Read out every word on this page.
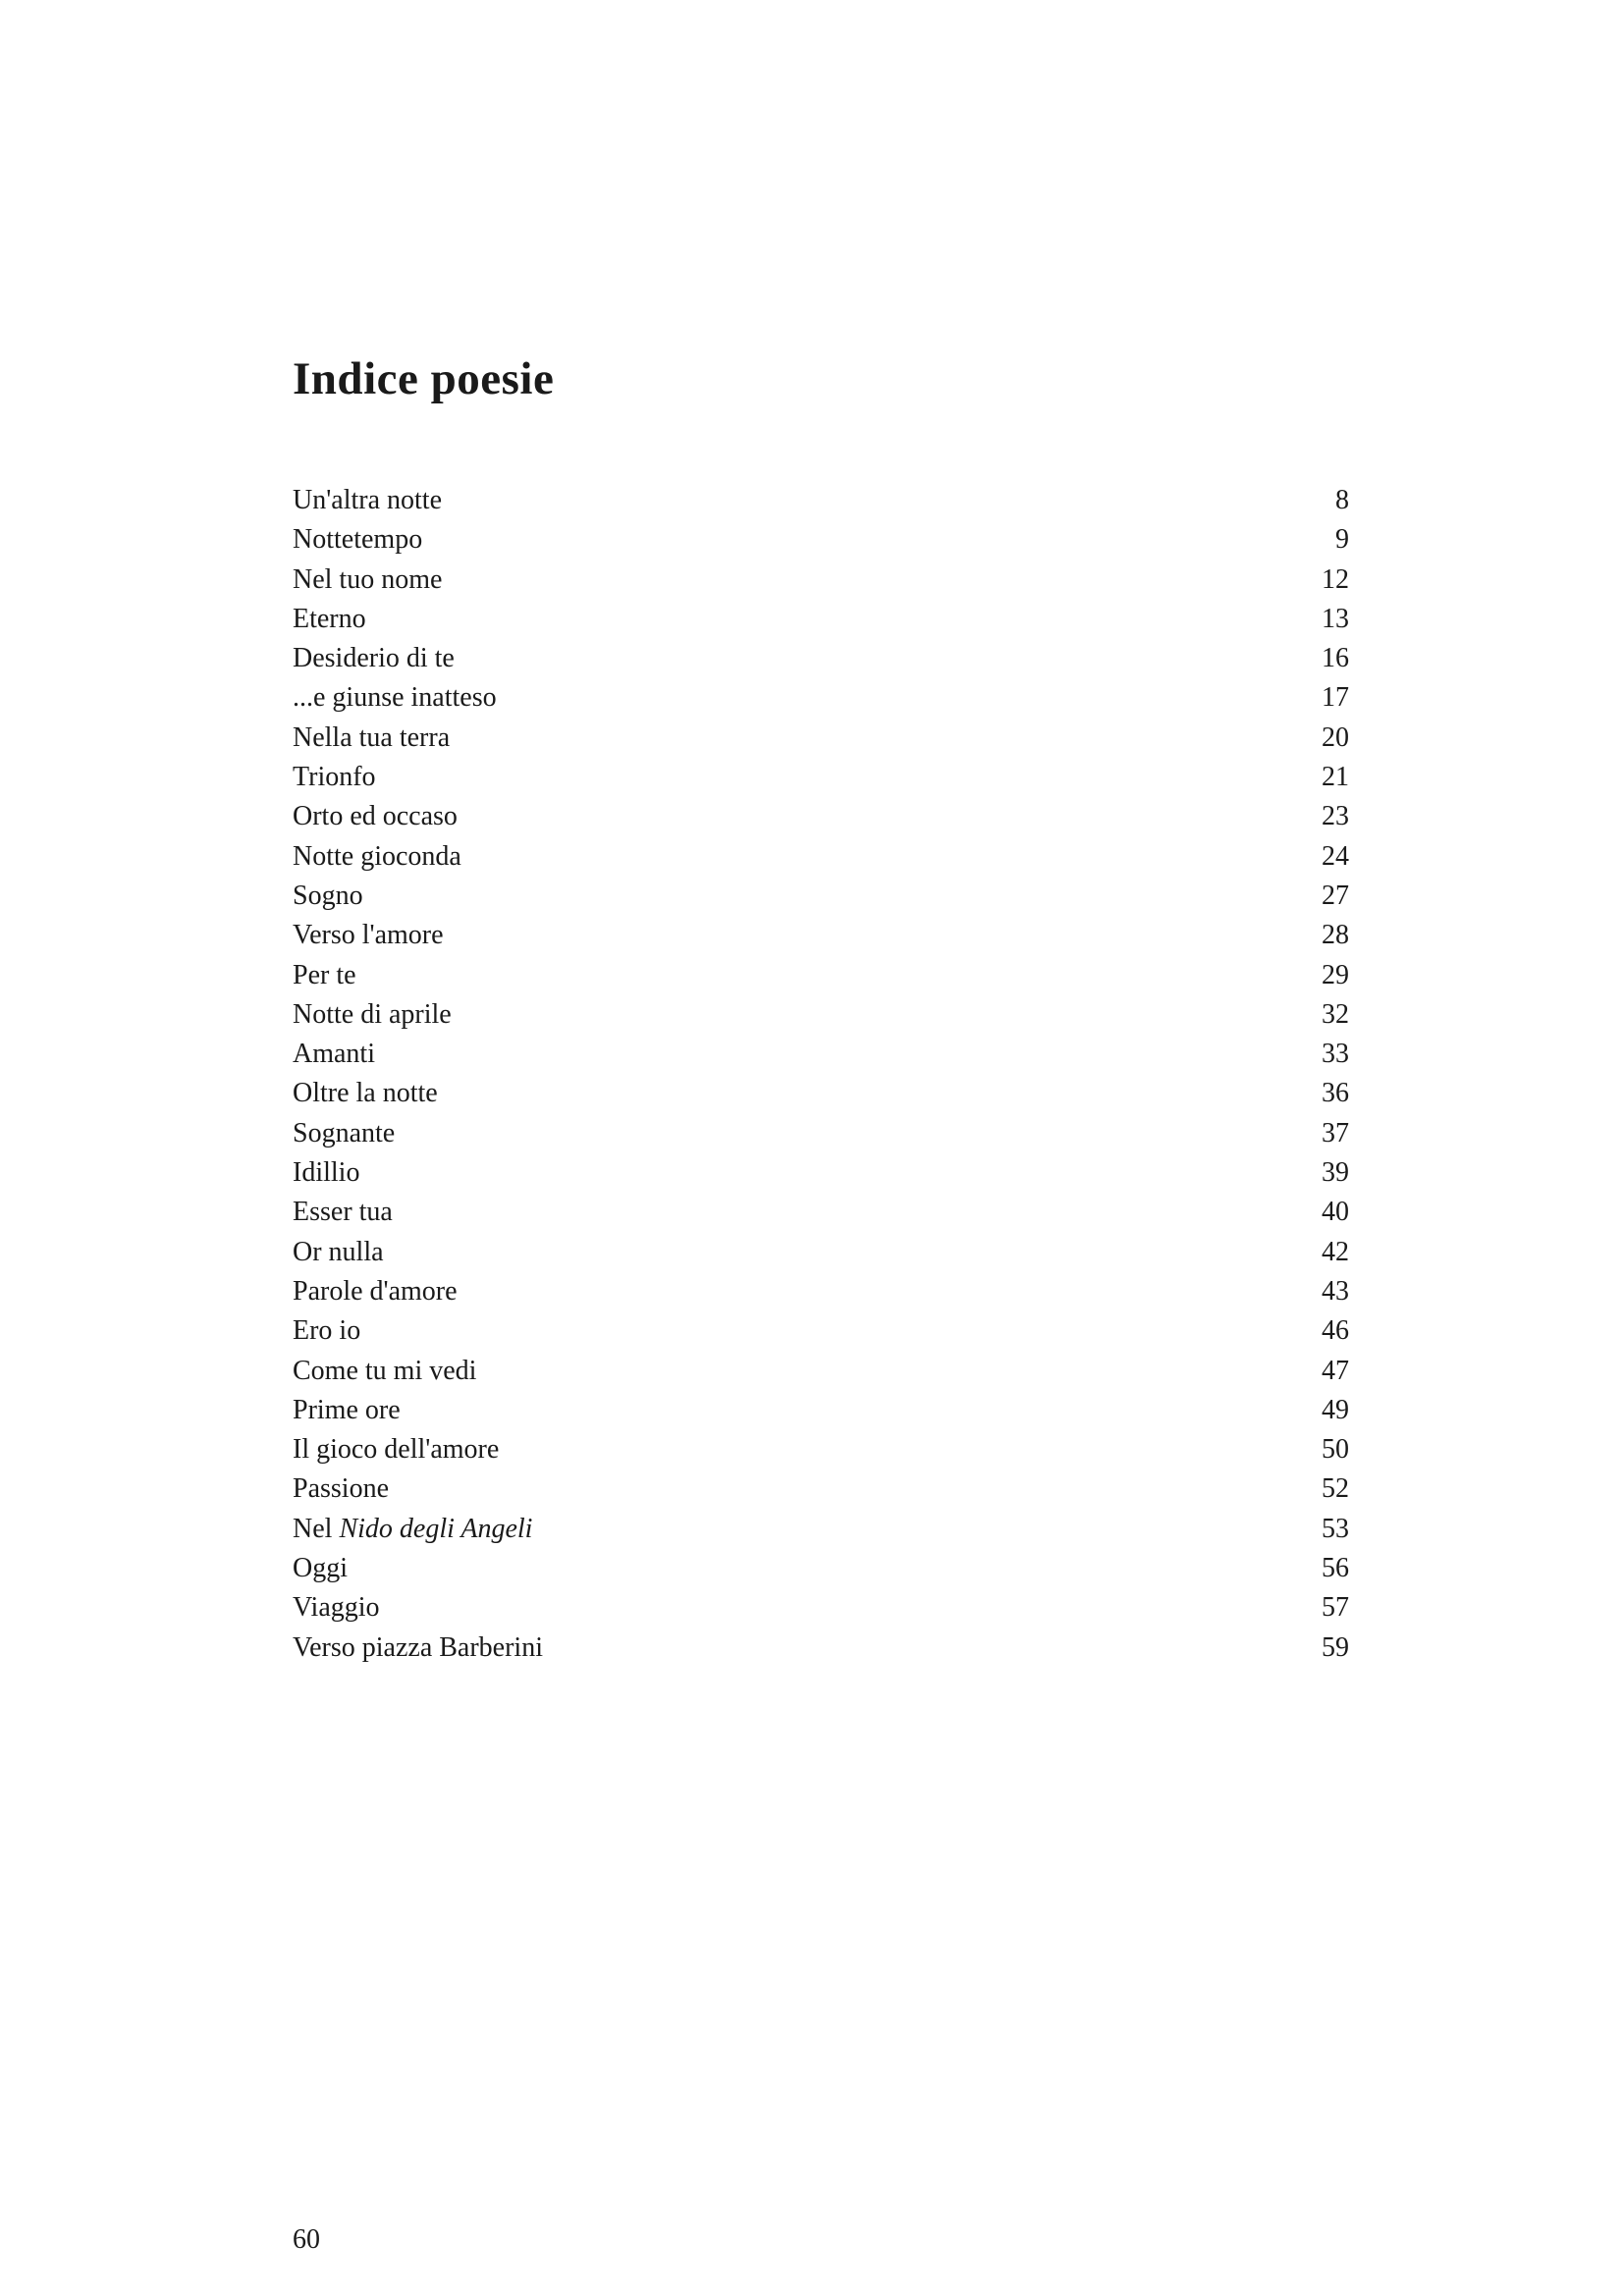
Indice poesie
Un'altra notte	8
Nottetempo	9
Nel tuo nome	12
Eterno	13
Desiderio di te	16
...e giunse inatteso	17
Nella tua terra	20
Trionfo	21
Orto ed occaso	23
Notte gioconda	24
Sogno	27
Verso l'amore	28
Per te	29
Notte di aprile	32
Amanti	33
Oltre la notte	36
Sognante	37
Idillio	39
Esser tua	40
Or nulla	42
Parole d'amore	43
Ero io	46
Come tu mi vedi	47
Prime ore	49
Il gioco dell'amore	50
Passione	52
Nel Nido degli Angeli	53
Oggi	56
Viaggio	57
Verso piazza Barberini	59
60
